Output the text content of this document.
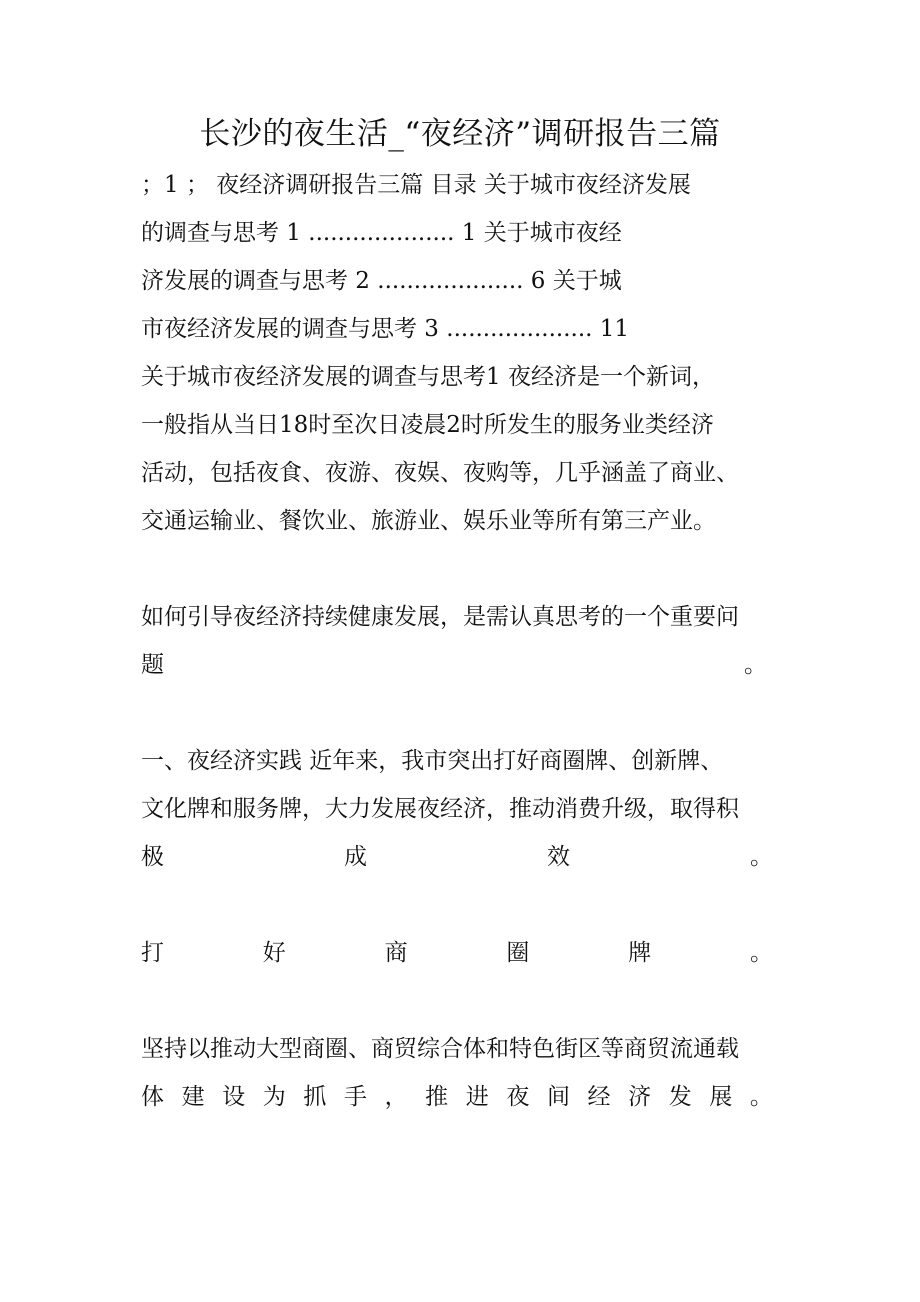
长沙的夜生活_“夜经济”调研报告三篇
；1 ； 夜经济调研报告三篇 目录 关于城市夜经济发展
的调查与思考 1 .................... 1 关于城市夜经
济发展的调查与思考 2 .................... 6 关于城
市夜经济发展的调查与思考 3 .................... 11
关于城市夜经济发展的调查与思考1 夜经济是一个新词，
一般指从当日18时至次日凌晨2时所发生的服务业类经济
活动，包括夜食、夜游、夜娱、夜购等，几乎涵盖了商业、
交通运输业、餐饮业、旅游业、娱乐业等所有第三产业。
如何引导夜经济持续健康发展，是需认真思考的一个重要问
题	。
一、夜经济实践 近年来，我市突出打好商圈牌、创新牌、
文化牌和服务牌，大力发展夜经济，推动消费升级，取得积
极	成	效	。
打	好	商	圈	牌	。
坚持以推动大型商圈、商贸综合体和特色街区等商贸流通载
体 建 设 为 抓 手 ， 推 进 夜 间 经 济 发 展 。
